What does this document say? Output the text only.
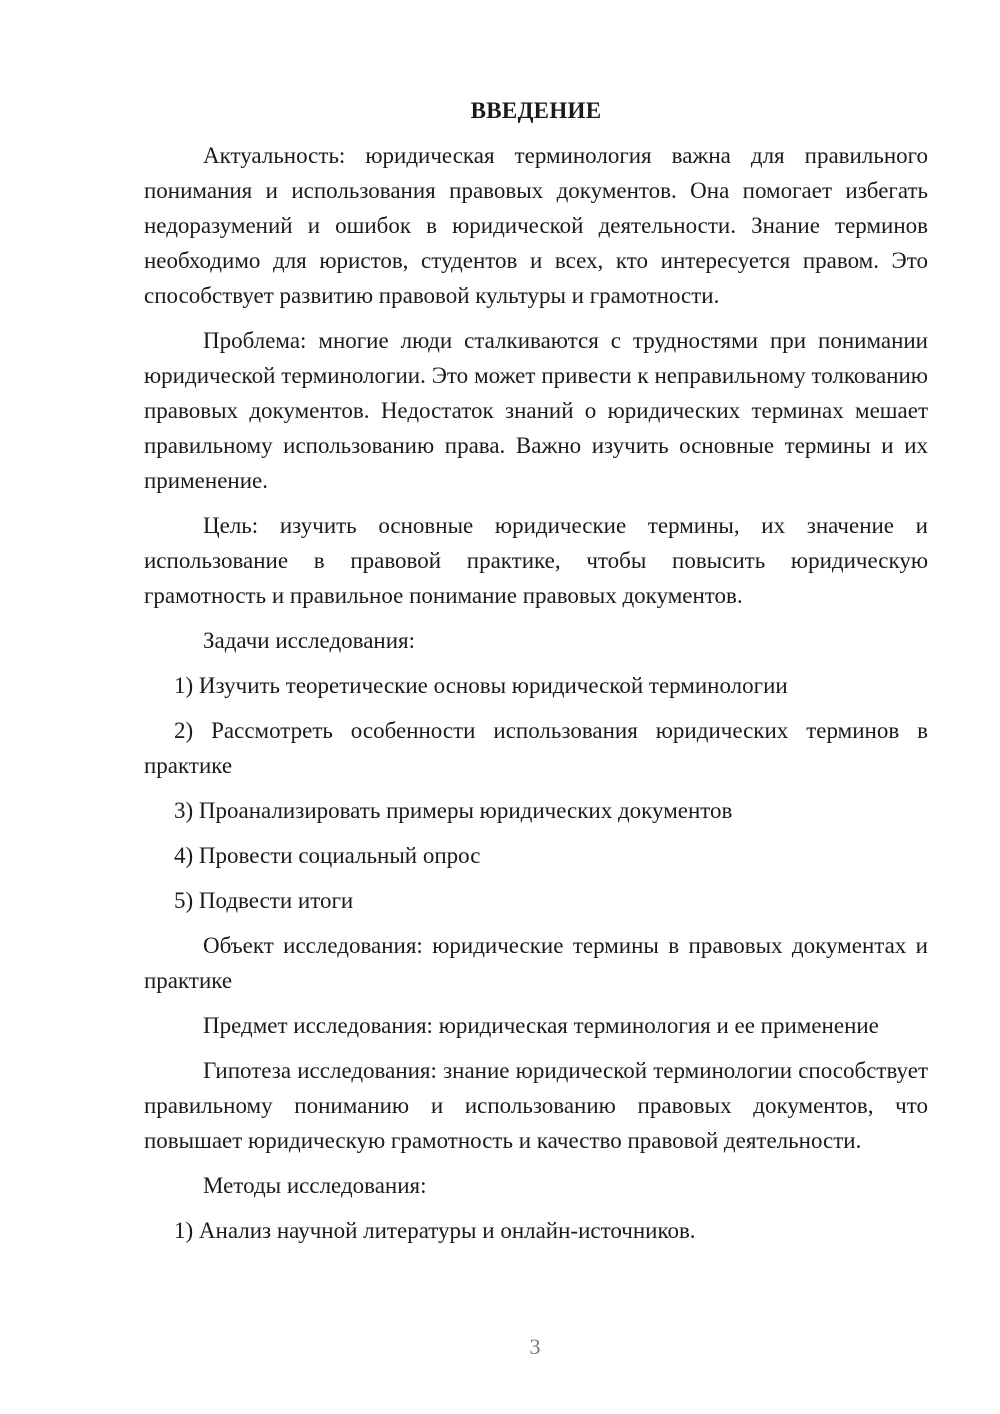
ВВЕДЕНИЕ

Актуальность: юридическая терминология важна для правильного понимания и использования правовых документов. Она помогает избегать недоразумений и ошибок в юридической деятельности. Знание терминов необходимо для юристов, студентов и всех, кто интересуется правом. Это способствует развитию правовой культуры и грамотности.

Проблема: многие люди сталкиваются с трудностями при понимании юридической терминологии. Это может привести к неправильному толкованию правовых документов. Недостаток знаний о юридических терминах мешает правильному использованию права. Важно изучить основные термины и их применение.

Цель: изучить основные юридические термины, их значение и использование в правовой практике, чтобы повысить юридическую грамотность и правильное понимание правовых документов.

Задачи исследования:

1) Изучить теоретические основы юридической терминологии

2) Рассмотреть особенности использования юридических терминов в практике

3) Проанализировать примеры юридических документов

4) Провести социальный опрос

5) Подвести итоги

Объект исследования: юридические термины в правовых документах и практике

Предмет исследования: юридическая терминология и ее применение

Гипотеза исследования: знание юридической терминологии способствует правильному пониманию и использованию правовых документов, что повышает юридическую грамотность и качество правовой деятельности.

Методы исследования:

1) Анализ научной литературы и онлайн-источников.

3
